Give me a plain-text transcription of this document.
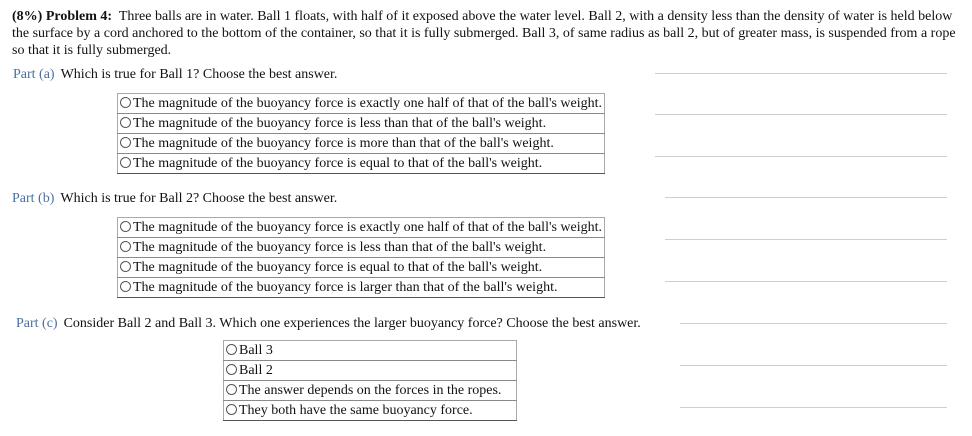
(8%) Problem 4: Three balls are in water. Ball 1 floats, with half of it exposed above the water level. Ball 2, with a density less than the density of water is held below the surface by a cord anchored to the bottom of the container, so that it is fully submerged. Ball 3, of same radius as ball 2, but of greater mass, is suspended from a rope so that it is fully submerged.

Part (a) Which is true for Ball 1? Choose the best answer.
The magnitude of the buoyancy force is exactly one half of that of the ball's weight.
The magnitude of the buoyancy force is less than that of the ball's weight.
The magnitude of the buoyancy force is more than that of the ball's weight.
The magnitude of the buoyancy force is equal to that of the ball's weight.
Part (b) Which is true for Ball 2? Choose the best answer.
The magnitude of the buoyancy force is exactly one half of that of the ball's weight.
The magnitude of the buoyancy force is less than that of the ball's weight.
The magnitude of the buoyancy force is equal to that of the ball's weight.
The magnitude of the buoyancy force is larger than that of the ball's weight.
Part (c) Consider Ball 2 and Ball 3. Which one experiences the larger buoyancy force? Choose the best answer.
Ball 3
Ball 2
The answer depends on the forces in the ropes.
They both have the same buoyancy force.
